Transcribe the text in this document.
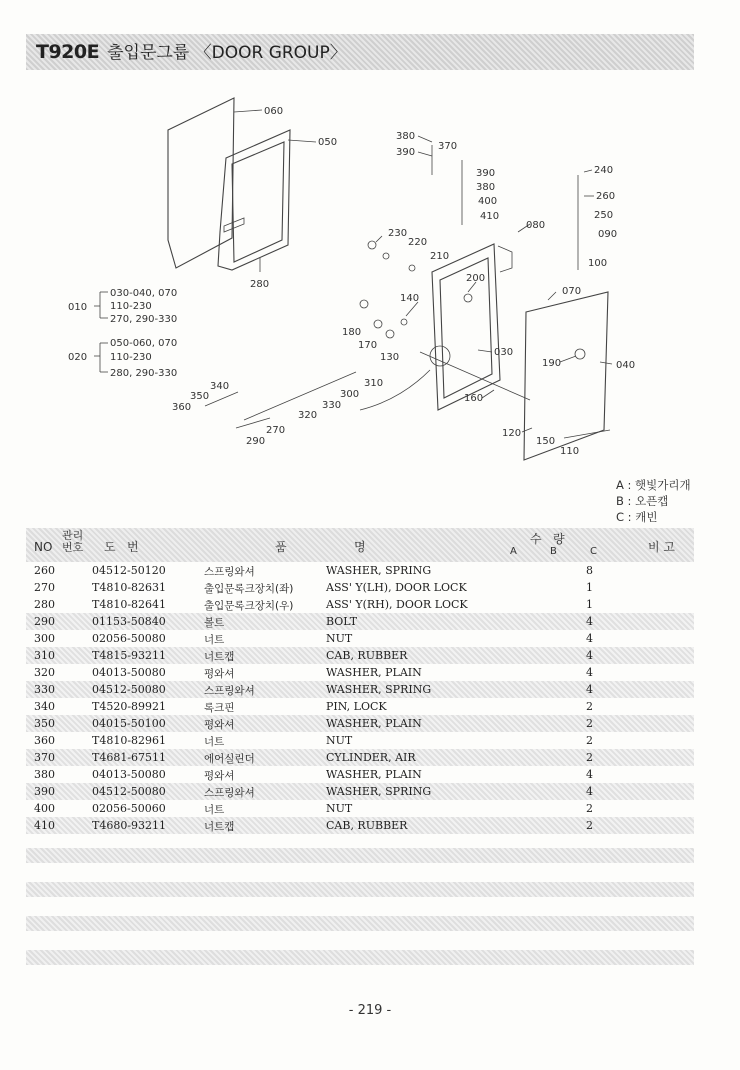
T920E 출입문그룹 〈DOOR GROUP〉
060
050
380
370
390
390
380
400
410
240
260
250
090
080
230
220
210
100
200
070
140
180
170
130	030
190	040
010
020
280
340
350
360
310
300
330
320
270
290
160
120
150
110
030-040, 070
110-230
270, 290-330
050-060, 070
110-230
280, 290-330
A : 햇빛가리개
B : 오픈캡
C : 캐빈
NO
관리번호	도   번	품	명
수   량
A	B	C	비 고
260	04512-50120	스프링와셔	WASHER, SPRING	8
270	T4810-82631	출입문록크장치(좌)	ASS' Y(LH), DOOR LOCK	1
280	T4810-82641	출입문록크장치(우)	ASS' Y(RH), DOOR LOCK	1
290	01153-50840	볼트	BOLT	4
300	02056-50080	너트	NUT	4
310	T4815-93211	너트캡	CAB, RUBBER	4
320	04013-50080	평와셔	WASHER, PLAIN	4
330	04512-50080	스프링와셔	WASHER, SPRING	4
340	T4520-89921	록크핀	PIN, LOCK	2
350	04015-50100	평와셔	WASHER, PLAIN	2
360	T4810-82961	너트	NUT	2
370	T4681-67511	에어실린더	CYLINDER, AIR	2
380	04013-50080	평와셔	WASHER, PLAIN	4
390	04512-50080	스프링와셔	WASHER, SPRING	4
400	02056-50060	너트	NUT	2
410	T4680-93211	너트캡	CAB, RUBBER	2
- 219 -
